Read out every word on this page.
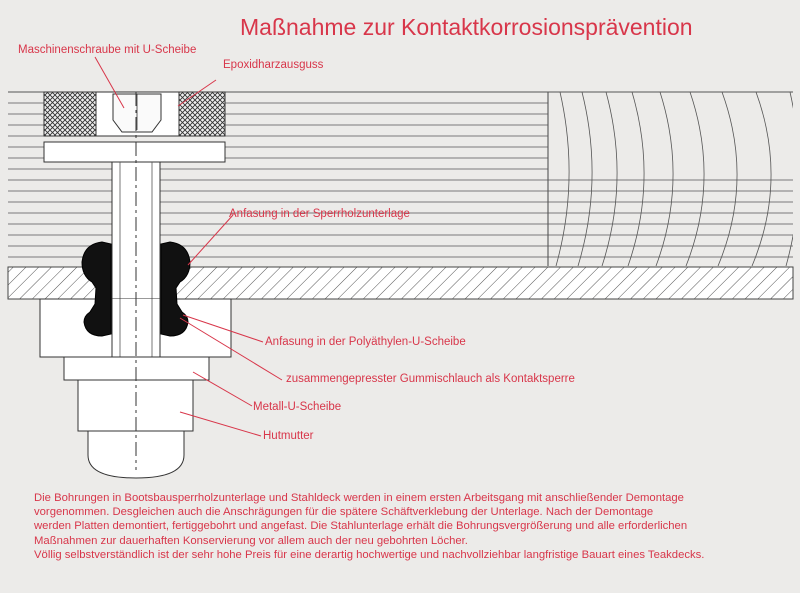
Maßnahme zur Kontaktkorrosionsprävention
Maschinenschraube mit U-Scheibe
Epoxidharzausguss
Anfasung in der Sperrholzunterlage
Anfasung in der Polyäthylen-U-Scheibe
zusammengepresster Gummischlauch als Kontaktsperre
Metall-U-Scheibe
Hutmutter
Die Bohrungen in Bootsbausperrholzunterlage und Stahldeck werden in einem ersten Arbeitsgang mit anschließender Demontage
vorgenommen. Desgleichen auch die Anschrägungen für die spätere Schäftverklebung der Unterlage. Nach der Demontage
werden Platten demontiert, fertiggebohrt und angefast. Die Stahlunterlage erhält die Bohrungsvergrößerung und alle erforderlichen
Maßnahmen zur dauerhaften Konservierung vor allem auch der neu gebohrten Löcher.
Völlig selbstverständlich ist der sehr hohe Preis für eine derartig hochwertige und nachvollziehbar langfristige Bauart eines Teakdecks.
